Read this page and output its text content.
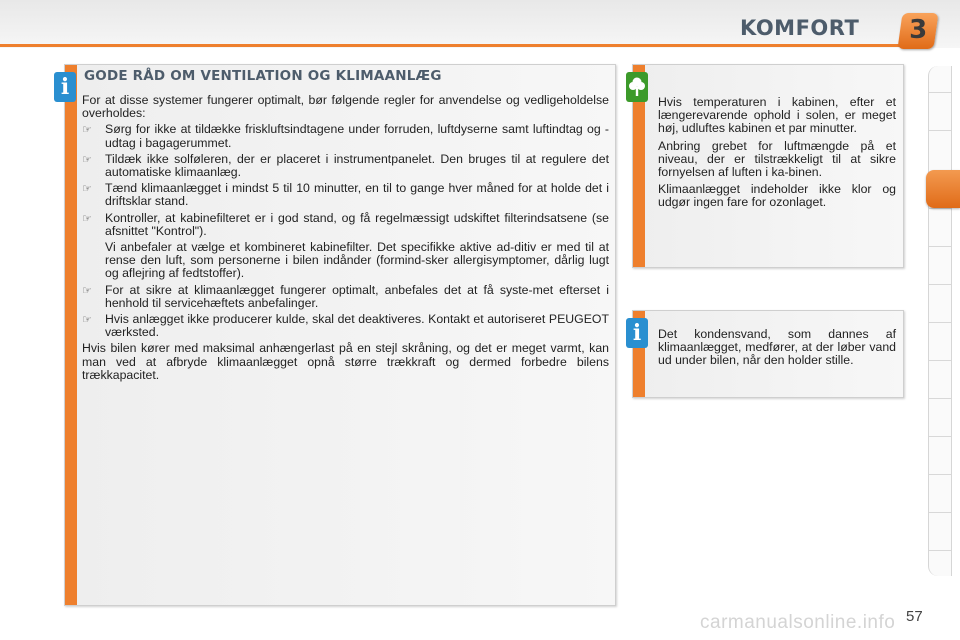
KOMFORT	3
i	GODE RÅD OM VENTILATION OG KLIMAANLÆG

For at disse systemer fungerer optimalt, bør følgende regler for anvendelse og vedligeholdelse overholdes:

☞ Sørg for ikke at tildække friskluftsindtagene under forruden, luftdyserne samt luftindtag og -udtag i bagagerummet.
☞ Tildæk ikke solføleren, der er placeret i instrumentpanelet. Den bruges til at regulere det automatiske klimaanlæg.
☞ Tænd klimaanlægget i mindst 5 til 10 minutter, en til to gange hver måned for at holde det i driftsklar stand.
☞ Kontroller, at kabinefilteret er i god stand, og få regelmæssigt udskiftet filterindsatsene (se afsnittet "Kontrol").
Vi anbefaler at vælge et kombineret kabinefilter. Det specifikke aktive ad-ditiv er med til at rense den luft, som personerne i bilen indånder (formind-sker allergisymptomer, dårlig lugt og aflejring af fedtstoffer).
☞ For at sikre at klimaanlægget fungerer optimalt, anbefales det at få syste-met efterset i henhold til servicehæftets anbefalinger.
☞ Hvis anlægget ikke producerer kulde, skal det deaktiveres. Kontakt et autoriseret PEUGEOT værksted.

Hvis bilen kører med maksimal anhængerlast på en stejl skråning, og det er meget varmt, kan man ved at afbryde klimaanlægget opnå større trækkraft og dermed forbedre bilens trækkapacitet.

Hvis temperaturen i kabinen, efter et længerevarende ophold i solen, er meget høj, udluftes kabinen et par minutter.

Anbring grebet for luftmængde på et niveau, der er tilstrækkeligt til at sikre fornyelsen af luften i ka-binen.

Klimaanlægget indeholder ikke klor og udgør ingen fare for ozonlaget.

i	Det kondensvand, som dannes af klimaanlægget, medfører, at der løber vand ud under bilen, når den holder stille.

carmanualsonline.info 57
